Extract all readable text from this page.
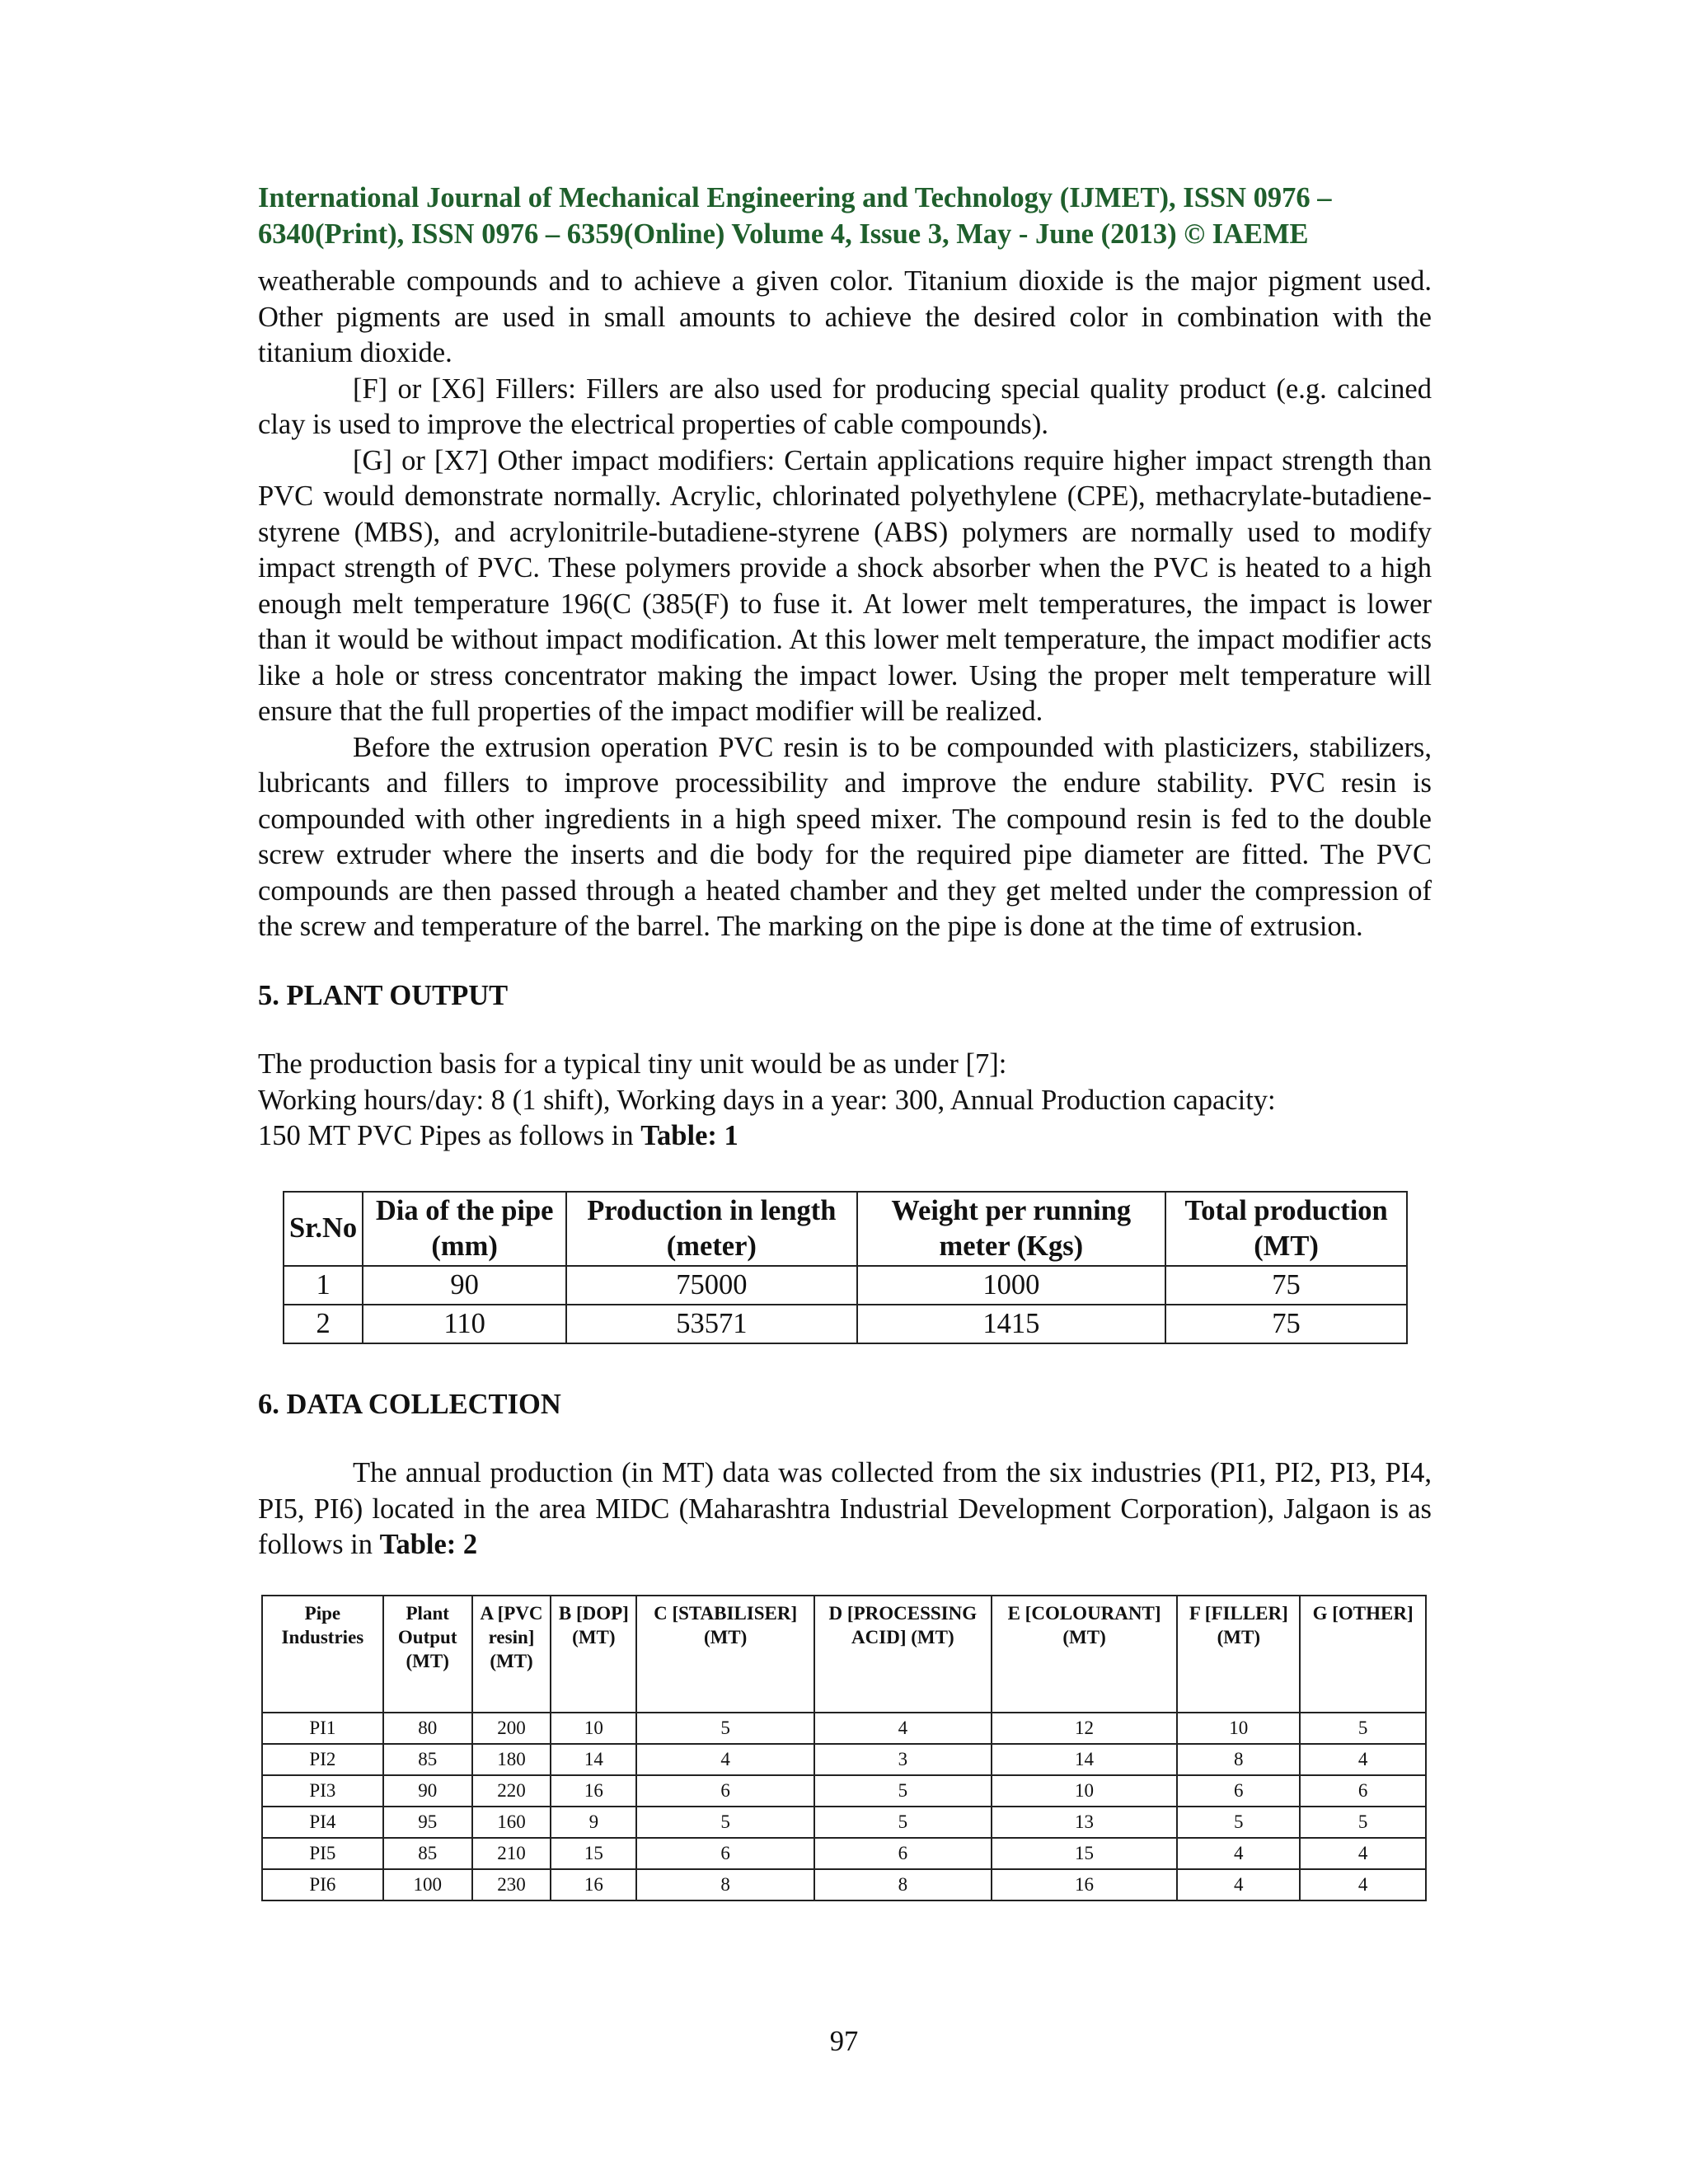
International Journal of Mechanical Engineering and Technology (IJMET), ISSN 0976 –
6340(Print), ISSN 0976 – 6359(Online) Volume 4, Issue 3, May - June (2013) © IAEME

weatherable compounds and to achieve a given color. Titanium dioxide is the major pigment used. Other pigments are used in small amounts to achieve the desired color in combination with the titanium dioxide.

[F] or [X6] Fillers: Fillers are also used for producing special quality product (e.g. calcined clay is used to improve the electrical properties of cable compounds).

[G] or [X7] Other impact modifiers: Certain applications require higher impact strength than PVC would demonstrate normally. Acrylic, chlorinated polyethylene (CPE), methacrylate-butadiene-styrene (MBS), and acrylonitrile-butadiene-styrene (ABS) polymers are normally used to modify impact strength of PVC. These polymers provide a shock absorber when the PVC is heated to a high enough melt temperature 196(C (385(F) to fuse it. At lower melt temperatures, the impact is lower than it would be without impact modification. At this lower melt temperature, the impact modifier acts like a hole or stress concentrator making the impact lower. Using the proper melt temperature will ensure that the full properties of the impact modifier will be realized.

Before the extrusion operation PVC resin is to be compounded with plasticizers, stabilizers, lubricants and fillers to improve processibility and improve the endure stability. PVC resin is compounded with other ingredients in a high speed mixer. The compound resin is fed to the double screw extruder where the inserts and die body for the required pipe diameter are fitted. The PVC compounds are then passed through a heated chamber and they get melted under the compression of the screw and temperature of the barrel. The marking on the pipe is done at the time of extrusion.

5. PLANT OUTPUT

The production basis for a typical tiny unit would be as under [7]:

Working hours/day: 8 (1 shift), Working days in a year: 300, Annual Production capacity:

150 MT PVC Pipes as follows in Table: 1

Sr.No	Dia of the pipe (mm)	Production in length (meter)	Weight per running meter (Kgs)	Total production (MT)
1	90	75000	1000	75
2	110	53571	1415	75
6. DATA COLLECTION

The annual production (in MT) data was collected from the six industries (PI1, PI2, PI3, PI4, PI5, PI6) located in the area MIDC (Maharashtra Industrial Development Corporation), Jalgaon is as follows in Table: 2

Pipe Industries	Plant Output (MT)	A [PVC resin] (MT)	B [DOP] (MT)	C [STABILISER] (MT)	D [PROCESSING ACID] (MT)	E [COLOURANT] (MT)	F [FILLER] (MT)	G [OTHER]
PI1	80	200	10	5	4	12	10	5
PI2	85	180	14	4	3	14	8	4
PI3	90	220	16	6	5	10	6	6
PI4	95	160	9	5	5	13	5	5
PI5	85	210	15	6	6	15	4	4
PI6	100	230	16	8	8	16	4	4
97
